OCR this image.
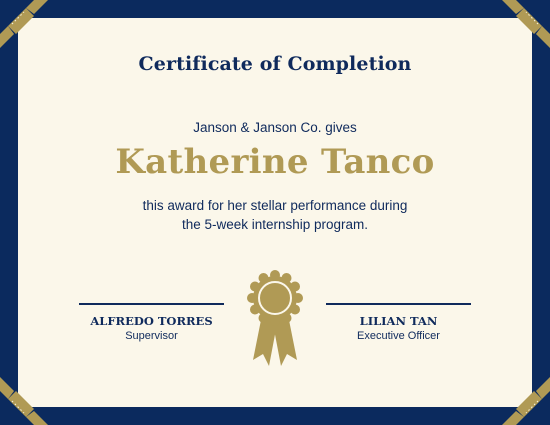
Certificate of Completion
Janson & Janson Co. gives
Katherine Tanco
this award for her stellar performance during
the 5-week internship program.
ALFREDO TORRES
Supervisor
LILIAN TAN
Executive Officer
